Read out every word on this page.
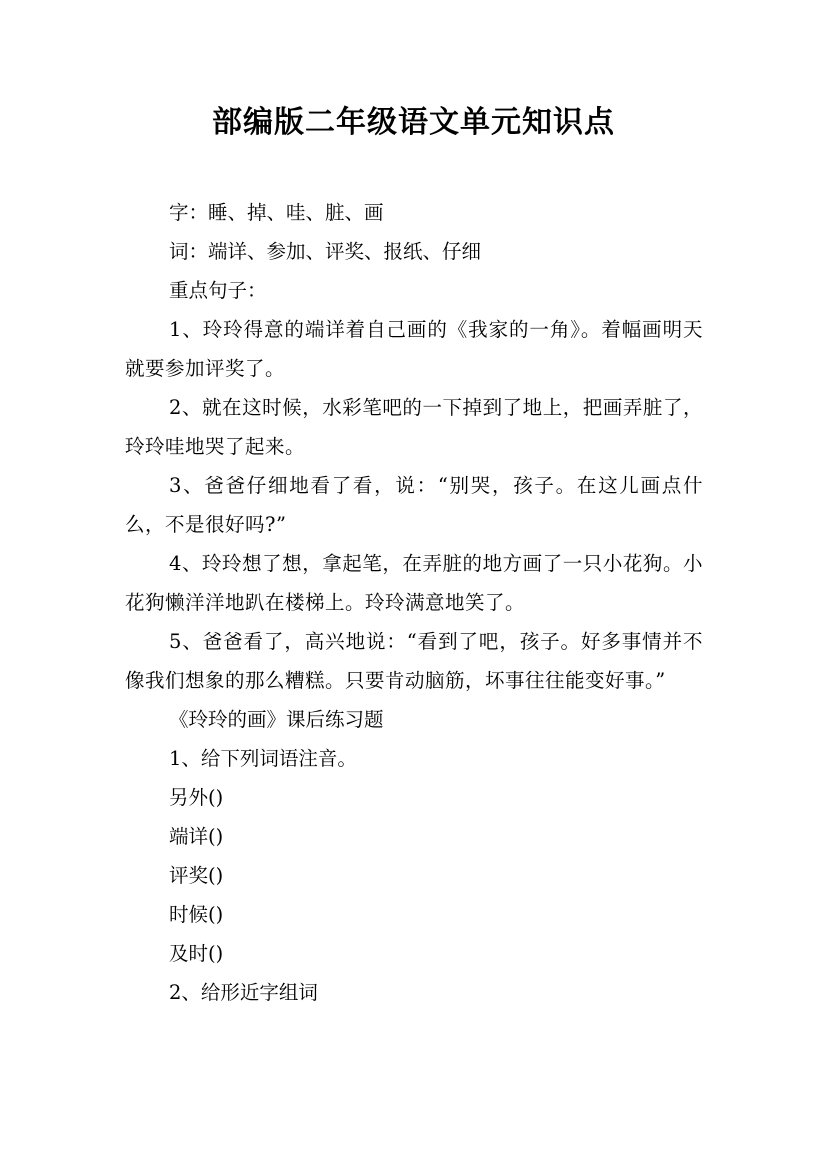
部编版二年级语文单元知识点

字：睡、掉、哇、脏、画

词：端详、参加、评奖、报纸、仔细

重点句子：

1、玲玲得意的端详着自己画的《我家的一角》。着幅画明天就要参加评奖了。

2、就在这时候，水彩笔吧的一下掉到了地上，把画弄脏了，玲玲哇地哭了起来。

3、爸爸仔细地看了看，说：“别哭，孩子。在这儿画点什么，不是很好吗?”

4、玲玲想了想，拿起笔，在弄脏的地方画了一只小花狗。小花狗懒洋洋地趴在楼梯上。玲玲满意地笑了。

5、爸爸看了，高兴地说：“看到了吧，孩子。好多事情并不像我们想象的那么糟糕。只要肯动脑筋，坏事往往能变好事。”

《玲玲的画》课后练习题

1、给下列词语注音。

另外()

端详()

评奖()

时候()

及时()

2、给形近字组词
